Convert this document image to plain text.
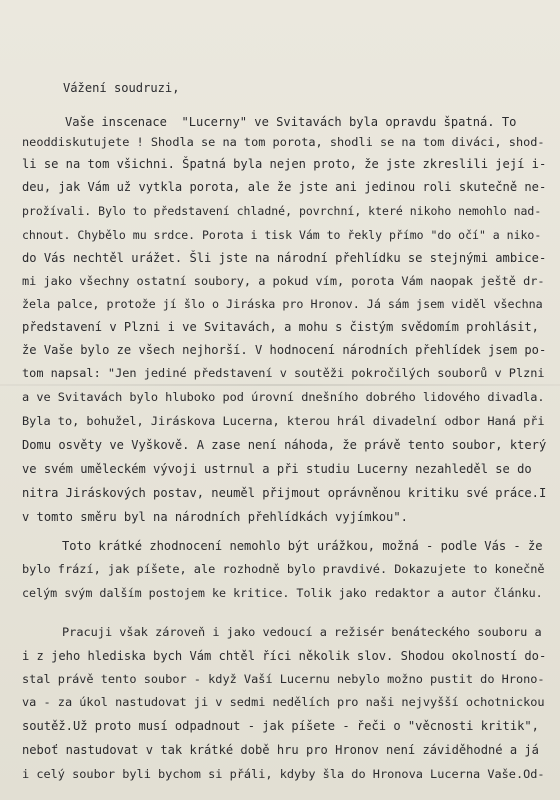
Vážení soudruzi,

Vaše inscenace  "Lucerny" ve Svitavách byla opravdu špatná. To

neoddiskutujete ! Shodla se na tom porota, shodli se na tom diváci, shod-

li se na tom všichni. Špatná byla nejen proto, že jste zkreslili její i-

deu, jak Vám už vytkla porota, ale že jste ani jedinou roli skutečně ne-

prožívali. Bylo to představení chladné, povrchní, které nikoho nemohlo nad-

chnout. Chybělo mu srdce. Porota i tisk Vám to řekly přímo "do očí" a niko-

do Vás nechtěl urážet. Šli jste na národní přehlídku se stejnými ambice-

mi jako všechny ostatní soubory, a pokud vím, porota Vám naopak ještě dr-

žela palce, protože jí šlo o Jiráska pro Hronov. Já sám jsem viděl všechna

představení v Plzni i ve Svitavách, a mohu s čistým svědomím prohlásit,

že Vaše bylo ze všech nejhorší. V hodnocení národních přehlídek jsem po-

tom napsal: "Jen jediné představení v soutěži pokročilých souborů v Plzni

a ve Svitavách bylo hluboko pod úrovní dnešního dobrého lidového divadla.

Byla to, bohužel, Jiráskova Lucerna, kterou hrál divadelní odbor Haná při

Domu osvěty ve Vyškově. A zase není náhoda, že právě tento soubor, který

ve svém uměleckém vývoji ustrnul a při studiu Lucerny nezahleděl se do

nitra Jiráskových postav, neuměl přijmout oprávněnou kritiku své práce.I

v tomto směru byl na národních přehlídkách vyjímkou".

Toto krátké zhodnocení nemohlo být urážkou, možná - podle Vás - že

bylo frází, jak píšete, ale rozhodně bylo pravdivé. Dokazujete to konečně

celým svým dalším postojem ke kritice. Tolik jako redaktor a autor článku.

Pracuji však zároveň i jako vedoucí a režisér benáteckého souboru a

i z jeho hlediska bych Vám chtěl říci několik slov. Shodou okolností do-

stal právě tento soubor - když Vaší Lucernu nebylo možno pustit do Hrono-

va - za úkol nastudovat ji v sedmi nedělích pro naši nejvyšší ochotnickou

soutěž.Už proto musí odpadnout - jak píšete - řeči o "věcnosti kritik",

neboť nastudovat v tak krátké době hru pro Hronov není záviděhodné a já

i celý soubor byli bychom si přáli, kdyby šla do Hronova Lucerna Vaše.Od-
